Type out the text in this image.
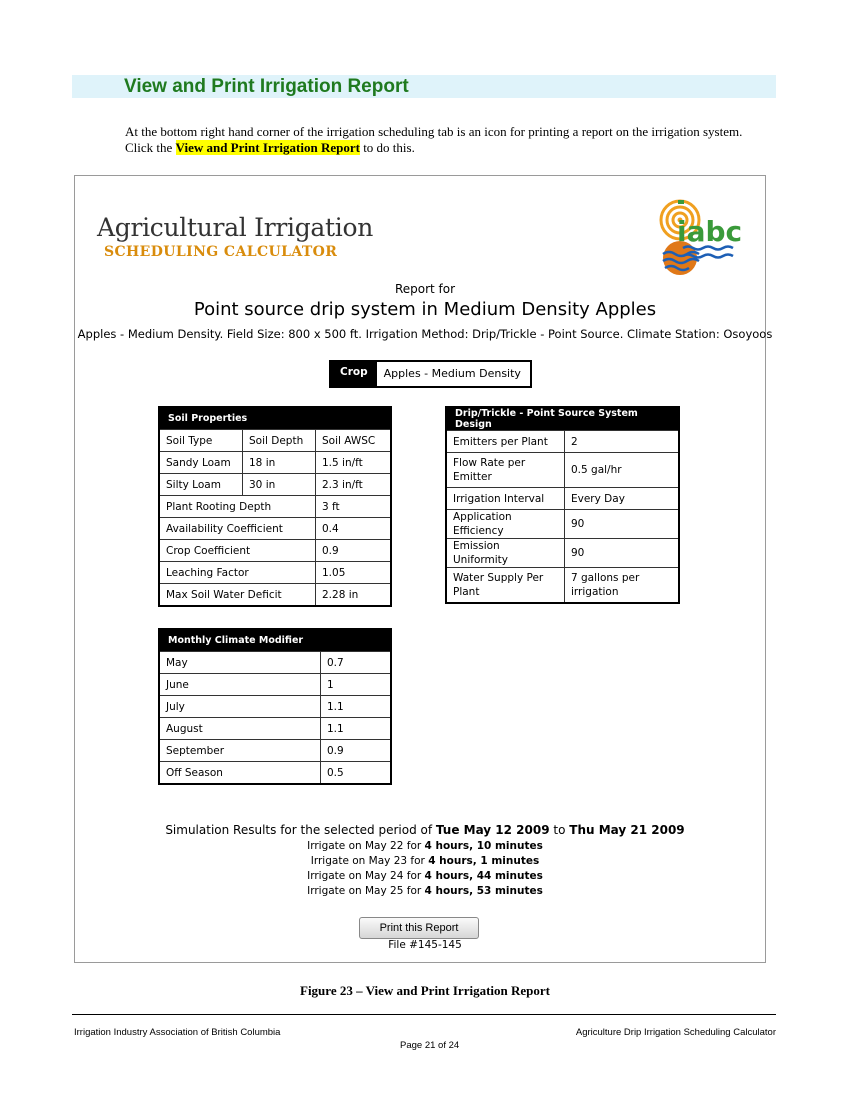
View and Print Irrigation Report
At the bottom right hand corner of the irrigation scheduling tab is an icon for printing a report on the irrigation system. Click the View and Print Irrigation Report to do this.
Agricultural Irrigation
SCHEDULING CALCULATOR
iabc
Report for
Point source drip system in Medium Density Apples
Apples - Medium Density. Field Size: 800 x 500 ft. Irrigation Method: Drip/Trickle - Point Source. Climate Station: Osoyoos
Crop	Apples - Medium Density
Soil Properties		
Soil Type	Soil Depth	Soil AWSC
Sandy Loam	18 in	1.5 in/ft
Silty Loam	30 in	2.3 in/ft
Plant Rooting Depth		3 ft
Availability Coefficient		0.4
Crop Coefficient		0.9
Leaching Factor		1.05
Max Soil Water Deficit		2.28 in
Drip/Trickle - Point Source System Design	
Emitters per Plant	2
Flow Rate per Emitter	0.5 gal/hr
Irrigation Interval	Every Day
Application Efficiency	90
Emission Uniformity	90
Water Supply Per Plant	7 gallons per irrigation
Monthly Climate Modifier	
May	0.7
June	1
July	1.1
August	1.1
September	0.9
Off Season	0.5
Simulation Results for the selected period of Tue May 12 2009 to Thu May 21 2009
Irrigate on May 22 for 4 hours, 10 minutes
Irrigate on May 23 for 4 hours, 1 minutes
Irrigate on May 24 for 4 hours, 44 minutes
Irrigate on May 25 for 4 hours, 53 minutes
Print this Report
File #145-145
Figure 23 – View and Print Irrigation Report
Irrigation Industry Association of British Columbia
Page 21 of 24
Agriculture Drip Irrigation Scheduling Calculator
